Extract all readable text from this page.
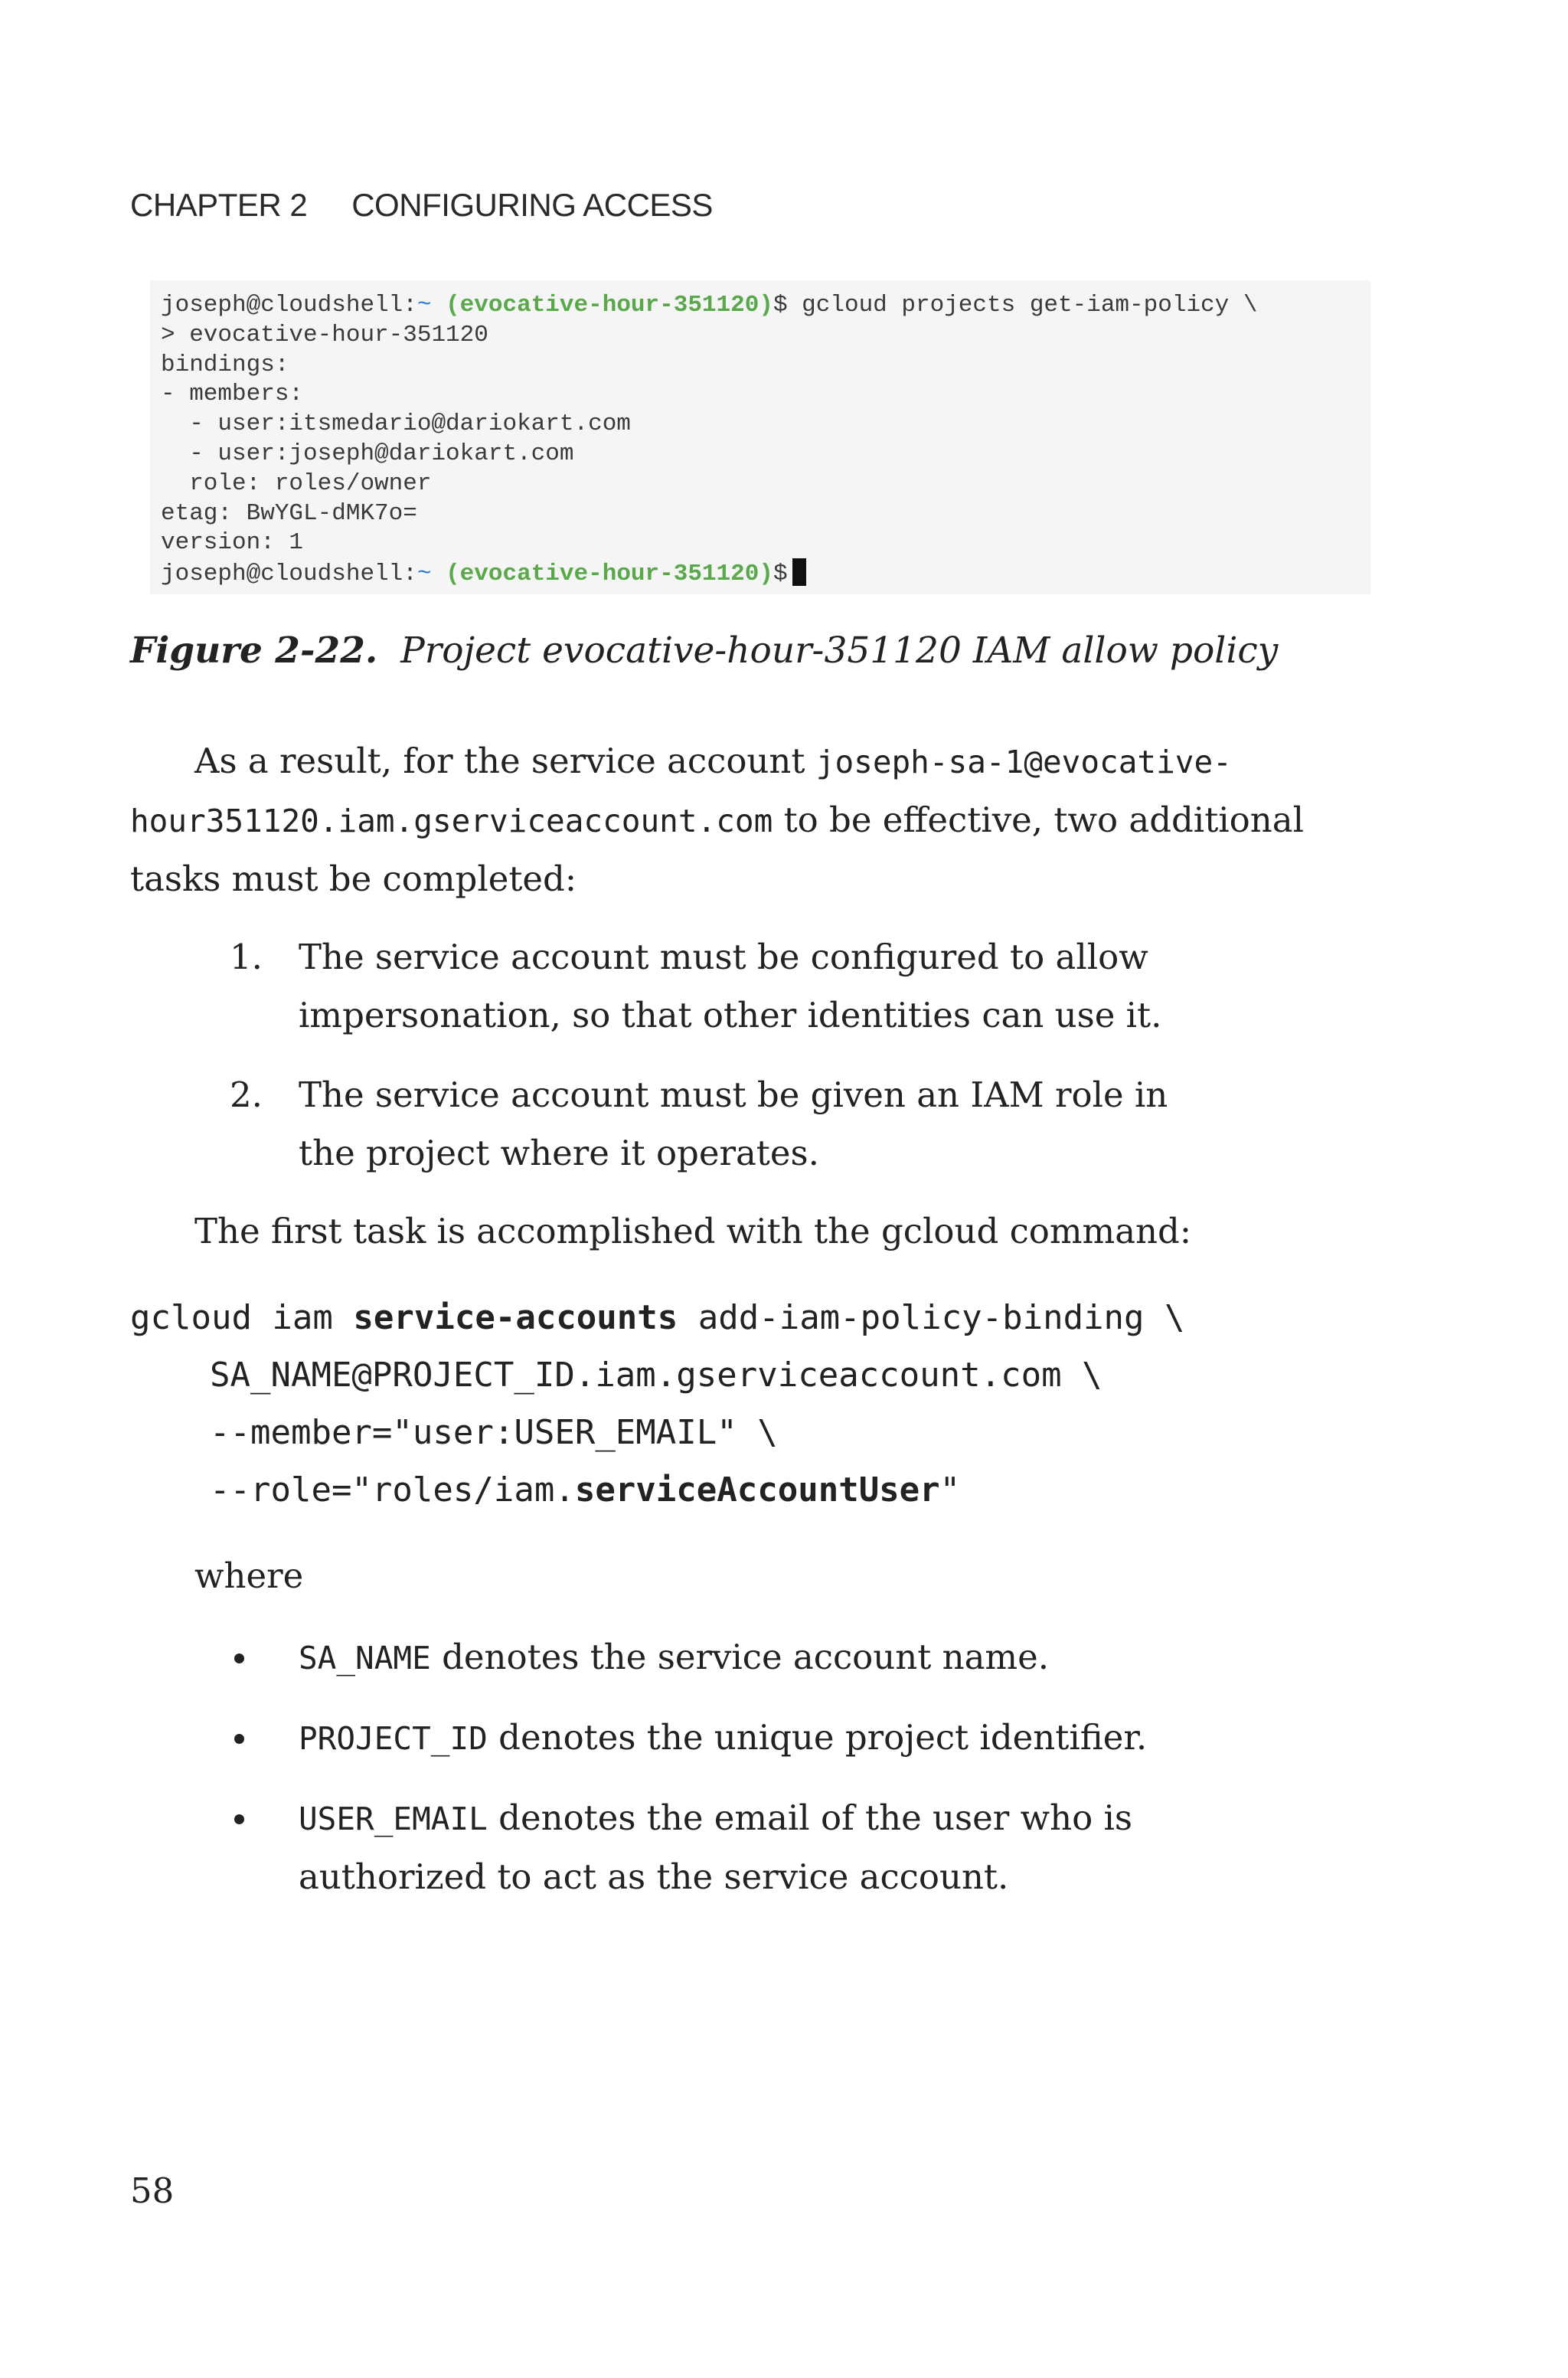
CHAPTER 2 CONFIGURING ACCESS
joseph@cloudshell:~ (evocative-hour-351120)$ gcloud projects get-iam-policy \
> evocative-hour-351120
bindings:
- members:
- user:itsmedario@dariokart.com
- user:joseph@dariokart.com
role: roles/owner
etag: BwYGL-dMK7o=
version: 1
joseph@cloudshell:~ (evocative-hour-351120)$
Figure 2-22. Project evocative-hour-351120 IAM allow policy
As a result, for the service account joseph-sa-1@evocative-
hour351120.iam.gserviceaccount.com to be effective, two additional
tasks must be completed:
1. The service account must be configured to allow
impersonation, so that other identities can use it.
2. The service account must be given an IAM role in
the project where it operates.
The first task is accomplished with the gcloud command:
gcloud iam service-accounts add-iam-policy-binding \
SA_NAME@PROJECT_ID.iam.gserviceaccount.com \
--member="user:USER_EMAIL" \
--role="roles/iam.serviceAccountUser"
where
SA_NAME denotes the service account name.
PROJECT_ID denotes the unique project identifier.
USER_EMAIL denotes the email of the user who is
authorized to act as the service account.
58
